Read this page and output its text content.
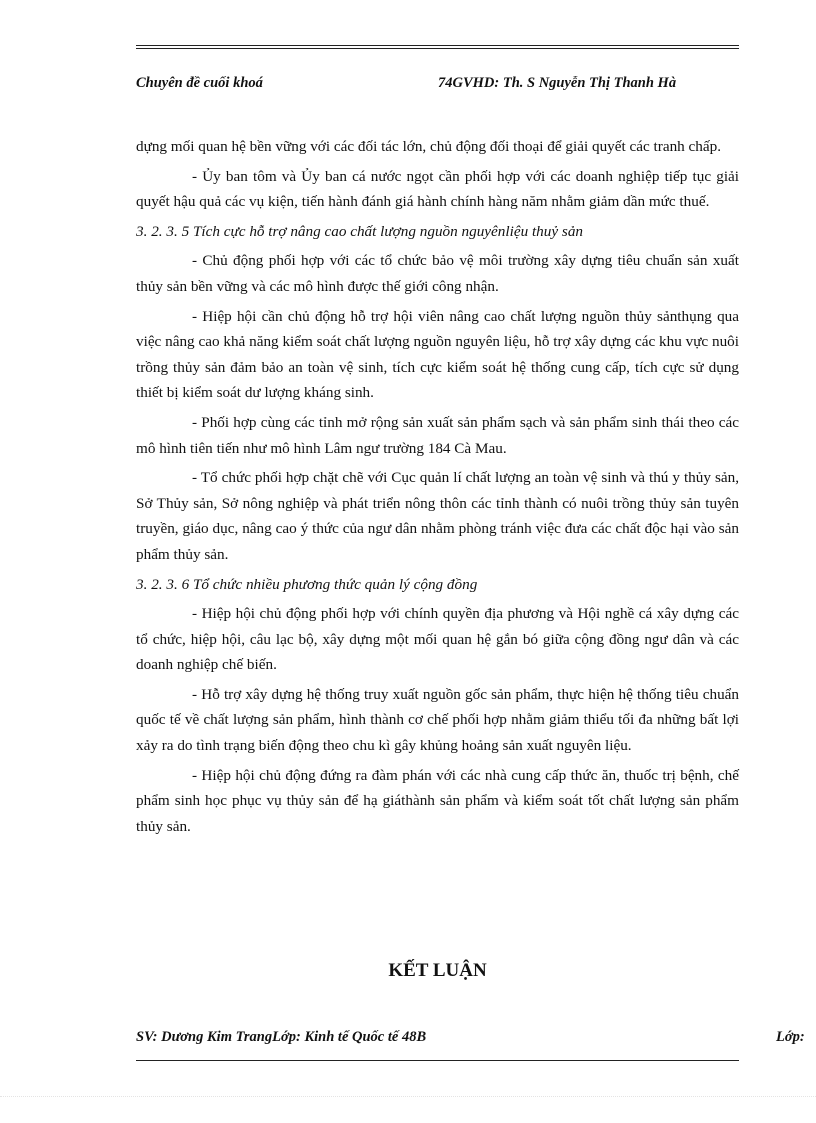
Chuyên đề cuối khoá	74GVHD: Th. S Nguyễn Thị Thanh Hà

dựng mối quan hệ bền vững với các đối tác lớn, chủ động đối thoại để giải quyết các tranh chấp.

- Ủy ban tôm và Ủy ban cá nước ngọt cần phối hợp với các doanh nghiệp tiếp tục giải quyết hậu quả các vụ kiện, tiến hành đánh giá hành chính hàng năm nhằm giảm dần mức thuế.

3. 2. 3. 5 Tích cực hỗ trợ nâng cao chất lượng nguồn nguyênliệu thuỷ sản

- Chủ động phối hợp với các tổ chức bảo vệ môi trường xây dựng tiêu chuẩn sản xuất thủy sản bền vững và các mô hình được thế giới công nhận.

- Hiệp hội cần chủ động hỗ trợ hội viên nâng cao chất lượng nguồn thủy sảnthụng qua việc nâng cao khả năng kiểm soát chất lượng nguồn nguyên liệu, hỗ trợ xây dựng các khu vực nuôi trồng thủy sản đảm bảo an toàn vệ sinh, tích cực kiểm soát hệ thống cung cấp, tích cực sử dụng thiết bị kiểm soát dư lượng kháng sinh.

- Phối hợp cùng các tỉnh mở rộng sản xuất sản phẩm sạch và sản phẩm sinh thái theo các mô hình tiên tiến như mô hình Lâm ngư trường 184 Cà Mau.

- Tổ chức phối hợp chặt chẽ với Cục quản lí chất lượng an toàn vệ sinh và thú y thủy sản, Sở Thủy sản, Sở nông nghiệp và phát triển nông thôn các tỉnh thành có nuôi trồng thủy sản tuyên truyền, giáo dục, nâng cao ý thức của ngư dân nhằm phòng tránh việc đưa các chất độc hại vào sản phẩm thủy sản.

3. 2. 3. 6 Tổ chức nhiều phương thức quản lý cộng đồng

- Hiệp hội chủ động phối hợp với chính quyền địa phương và Hội nghề cá xây dựng các tổ chức, hiệp hội, câu lạc bộ, xây dựng một mối quan hệ gắn bó giữa cộng đồng ngư dân và các doanh nghiệp chế biến.

- Hỗ trợ xây dựng hệ thống truy xuất nguồn gốc sản phẩm, thực hiện hệ thống tiêu chuẩn quốc tế về chất lượng sản phẩm, hình thành cơ chế phối hợp nhằm giảm thiểu tối đa những bất lợi xảy ra do tình trạng biến động theo chu kì gây khủng hoảng sản xuất nguyên liệu.

- Hiệp hội chủ động đứng ra đàm phán với các nhà cung cấp thức ăn, thuốc trị bệnh, chế phẩm sinh học phục vụ thủy sản để hạ giáthành sản phẩm và kiểm soát tốt chất lượng sản phẩm thủy sản.

KẾT LUẬN
SV: Dương Kim TrangLớp: Kinh tế Quốc tế 48B	Lớp:
